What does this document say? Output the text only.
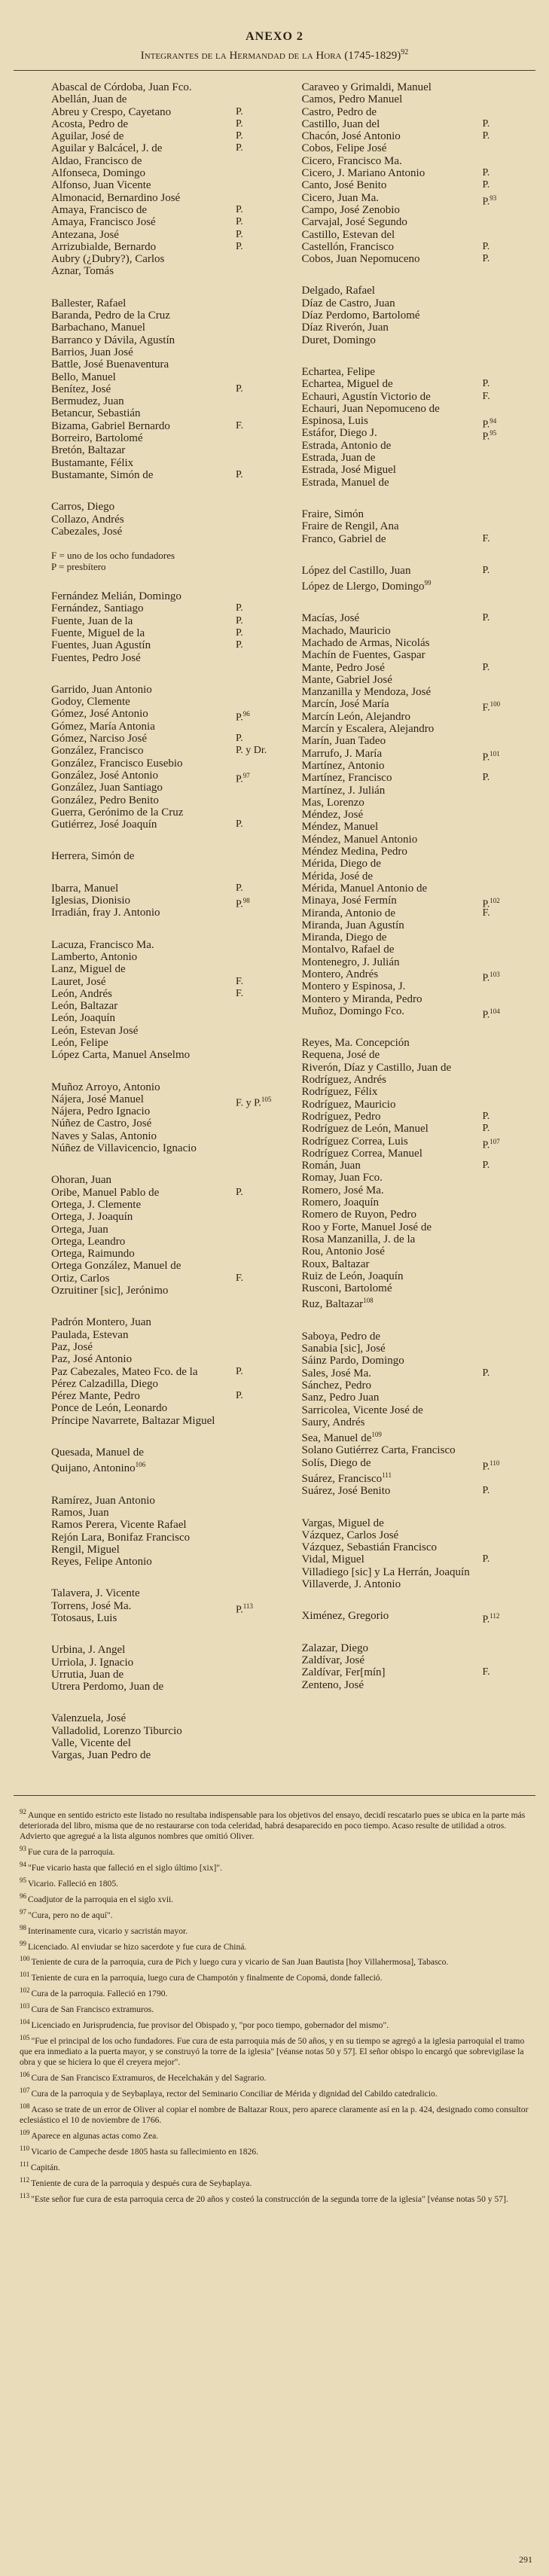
ANEXO 2
Integrantes de la Hermandad de la Hora (1745-1829)$^{92}$
Abascal de Córdoba, Juan Fco.
Abellán, Juan de
Abreu y Crespo, Cayetano	P.
Acosta, Pedro de	P.
Aguilar, José de	P.
Aguilar y Balcácel, J. de	P.
Aldao, Francisco de
Alfonseca, Domingo
Alfonso, Juan Vicente
Almonacid, Bernardino José
Amaya, Francisco de	P.
Amaya, Francisco José	P.
Antezana, José	P.
Arrizubialde, Bernardo	P.
Aubry (¿Dubry?), Carlos
Aznar, Tomás
Ballester, Rafael
Baranda, Pedro de la Cruz
Barbachano, Manuel
Barranco y Dávila, Agustín
Barrios, Juan José
Battle, José Buenaventura
Bello, Manuel
Benítez, José	P.
Bermudez, Juan
Betancur, Sebastián
Bizama, Gabriel Bernardo	F.
Borreiro, Bartolomé
Bretón, Baltazar
Bustamante, Félix
Bustamante, Simón de	P.
Carros, Diego
Collazo, Andrés
Cabezales, José
F = uno de los ocho fundadores
P = presbítero
Fernández Melián, Domingo
Fernández, Santiago	P.
Fuente, Juan de la	P.
Fuente, Miguel de la	P.
Fuentes, Juan Agustín	P.
Fuentes, Pedro José
Garrido, Juan Antonio
Godoy, Clemente
Gómez, José Antonio	P.$^{96}$
Gómez, María Antonia
Gómez, Narciso José	P.
González, Francisco	P. y Dr.
González, Francisco Eusebio
González, José Antonio	P.$^{97}$
González, Juan Santiago
González, Pedro Benito
Guerra, Gerónimo de la Cruz
Gutiérrez, José Joaquín	P.
Herrera, Simón de
Ibarra, Manuel	P.
Iglesias, Dionisio	P.$^{98}$
Irradián, fray J. Antonio
Lacuza, Francisco Ma.
Lamberto, Antonio
Lanz, Miguel de
Lauret, José	F.
León, Andrés	F.
León, Baltazar
León, Joaquín
León, Estevan José
León, Felipe
López Carta, Manuel Anselmo
Muñoz Arroyo, Antonio
Nájera, José Manuel	F. y P.$^{105}$
Nájera, Pedro Ignacio
Núñez de Castro, José
Naves y Salas, Antonio
Núñez de Villavicencio, Ignacio
Ohoran, Juan
Oribe, Manuel Pablo de	P.
Ortega, J. Clemente
Ortega, J. Joaquín
Ortega, Juan
Ortega, Leandro
Ortega, Raimundo
Ortega González, Manuel de
Ortiz, Carlos	F.
Ozruitiner [sic], Jerónimo
Padrón Montero, Juan
Paulada, Estevan
Paz, José
Paz, José Antonio
Paz Cabezales, Mateo Fco. de la	P.
Pérez Calzadilla, Diego
Pérez Mante, Pedro	P.
Ponce de León, Leonardo
Príncipe Navarrete, Baltazar Miguel
Quesada, Manuel de
Quijano, Antonino$^{106}$
Ramírez, Juan Antonio
Ramos, Juan
Ramos Perera, Vicente Rafael
Rejón Lara, Bonifaz Francisco
Rengil, Miguel
Reyes, Felipe Antonio
Talavera, J. Vicente
Torrens, José Ma.	P.$^{113}$
Totosaus, Luis
Urbina, J. Angel
Urriola, J. Ignacio
Urrutia, Juan de
Utrera Perdomo, Juan de
Valenzuela, José
Valladolid, Lorenzo Tiburcio
Valle, Vicente del
Vargas, Juan Pedro de
Caraveo y Grimaldi, Manuel
Camos, Pedro Manuel
Castro, Pedro de
Castillo, Juan del	P.
Chacón, José Antonio	P.
Cobos, Felipe José
Cicero, Francisco Ma.
Cicero, J. Mariano Antonio	P.
Canto, José Benito	P.
Cicero, Juan Ma.	P.$^{93}$
Campo, José Zenobio
Carvajal, José Segundo
Castillo, Estevan del
Castellón, Francisco	P.
Cobos, Juan Nepomuceno	P.
Delgado, Rafael
Díaz de Castro, Juan
Díaz Perdomo, Bartolomé
Díaz Riverón, Juan
Duret, Domingo
Echartea, Felipe
Echartea, Miguel de	P.
Echauri, Agustín Victorio de	F.
Echauri, Juan Nepomuceno de
Espinosa, Luis	P.$^{94}$
Estáfor, Diego J.	P.$^{95}$
Estrada, Antonio de
Estrada, Juan de
Estrada, José Miguel
Estrada, Manuel de
Fraire, Simón
Fraire de Rengil, Ana
Franco, Gabriel de	F.
López del Castillo, Juan	P.
López de Llergo, Domingo$^{99}$
Macías, José	P.
Machado, Mauricio
Machado de Armas, Nicolás
Machín de Fuentes, Gaspar
Mante, Pedro José	P.
Mante, Gabriel José
Manzanilla y Mendoza, José
Marcín, José María	F.$^{100}$
Marcín León, Alejandro
Marcín y Escalera, Alejandro
Marín, Juan Tadeo
Marrufo, J. María	P.$^{101}$
Martínez, Antonio
Martínez, Francisco	P.
Martínez, J. Julián
Mas, Lorenzo
Méndez, José
Méndez, Manuel
Méndez, Manuel Antonio
Méndez Medina, Pedro
Mérida, Diego de
Mérida, José de
Mérida, Manuel Antonio de
Minaya, José Fermín	P.$^{102}$
Miranda, Antonio de	F.
Miranda, Juan Agustín
Miranda, Diego de
Montalvo, Rafael de
Montenegro, J. Julián
Montero, Andrés	P.$^{103}$
Montero y Espinosa, J.
Montero y Miranda, Pedro
Muñoz, Domingo Fco.	P.$^{104}$
Reyes, Ma. Concepción
Requena, José de
Riverón, Díaz y Castillo, Juan de
Rodríguez, Andrés
Rodríguez, Félix
Rodríguez, Mauricio
Rodríguez, Pedro	P.
Rodríguez de León, Manuel	P.
Rodríguez Correa, Luis	P.$^{107}$
Rodríguez Correa, Manuel
Román, Juan	P.
Romay, Juan Fco.
Romero, José Ma.
Romero, Joaquín
Romero de Ruyon, Pedro
Roo y Forte, Manuel José de
Rosa Manzanilla, J. de la
Rou, Antonio José
Roux, Baltazar
Ruiz de León, Joaquín
Rusconi, Bartolomé
Ruz, Baltazar$^{108}$
Saboya, Pedro de
Sanabia [sic], José
Sáinz Pardo, Domingo
Sales, José Ma.	P.
Sánchez, Pedro
Sanz, Pedro Juan
Sarricolea, Vicente José de
Saury, Andrés
Sea, Manuel $de^{109}$
Solano Gutiérrez Carta, Francisco
Solís, Diego de	P.$^{110}$
Suárez, Francisco$^{111}$
Suárez, José Benito	P.
Vargas, Miguel de
Vázquez, Carlos José
Vázquez, Sebastián Francisco
Vidal, Miguel	P.
Villadiego [sic] y La Herrán, Joaquín
Villaverde, J. Antonio
Ximénez, Gregorio	P.$^{112}$
Zalazar, Diego
Zaldívar, José
Zaldívar, Fer[mín]	F.
Zenteno, José
$^{92}$ Aunque en sentido estricto este listado no resultaba indispensable para los objetivos del ensayo, decidí rescatarlo pues se ubica en la parte más deteriorada del libro, misma que de no restaurarse con toda celeridad, habrá desaparecido en poco tiempo. Acaso resulte de utilidad a otros. Advierto que agregué a la lista algunos nombres que omitió Oliver.
$^{93}$ Fue cura de la parroquia.
$^{94}$ "Fue vicario hasta que falleció en el siglo último [xix]".
$^{95}$ Vicario. Falleció en 1805.
$^{96}$ Coadjutor de la parroquia en el siglo xvii.
$^{97}$ "Cura, pero no de aquí".
$^{98}$ Interinamente cura, vicario y sacristán mayor.
$^{99}$ Licenciado. Al enviudar se hizo sacerdote y fue cura de Chiná.
$^{100}$ Teniente de cura de la parroquia, cura de Pich y luego cura y vicario de San Juan Bautista [hoy Villahermosa], Tabasco.
$^{101}$ Teniente de cura en la parroquia, luego cura de Champotón y finalmente de Copomá, donde falleció.
$^{102}$ Cura de la parroquia. Falleció en 1790.
$^{103}$ Cura de San Francisco extramuros.
$^{104}$ Licenciado en Jurisprudencia, fue provisor del Obispado y, "por poco tiempo, gobernador del mismo".
$^{105}$ "Fue el principal de los ocho fundadores. Fue cura de esta parroquia más de 50 años, y en su tiempo se agregó a la iglesia parroquial el tramo que era inmediato a la puerta mayor, y se construyó la torre de la iglesia" [véanse notas 50 y 57]. El señor obispo lo encargó que sobrevigilase la obra y que se hiciera lo que él creyera mejor".
$^{106}$ Cura de San Francisco Extramuros, de Hecelchakán y del Sagrario.
$^{107}$ Cura de la parroquia y de Seybaplaya, rector del Seminario Conciliar de Mérida y dignidad del Cabildo catedralicio.
$^{108}$ Acaso se trate de un error de Oliver al copiar el nombre de Baltazar Roux, pero aparece claramente así en la p. 424, designado como consultor eclesiástico el 10 de noviembre de 1766.
$^{109}$ Aparece en algunas actas como Zea.
$^{110}$ Vicario de Campeche desde 1805 hasta su fallecimiento en 1826.
$^{111}$ Capitán.
$^{112}$ Teniente de cura de la parroquia y después cura de Seybaplaya.
$^{113}$ "Este señor fue cura de esta parroquia cerca de 20 años y costeó la construcción de la segunda torre de la iglesia" [véanse notas 50 y 57].
291
